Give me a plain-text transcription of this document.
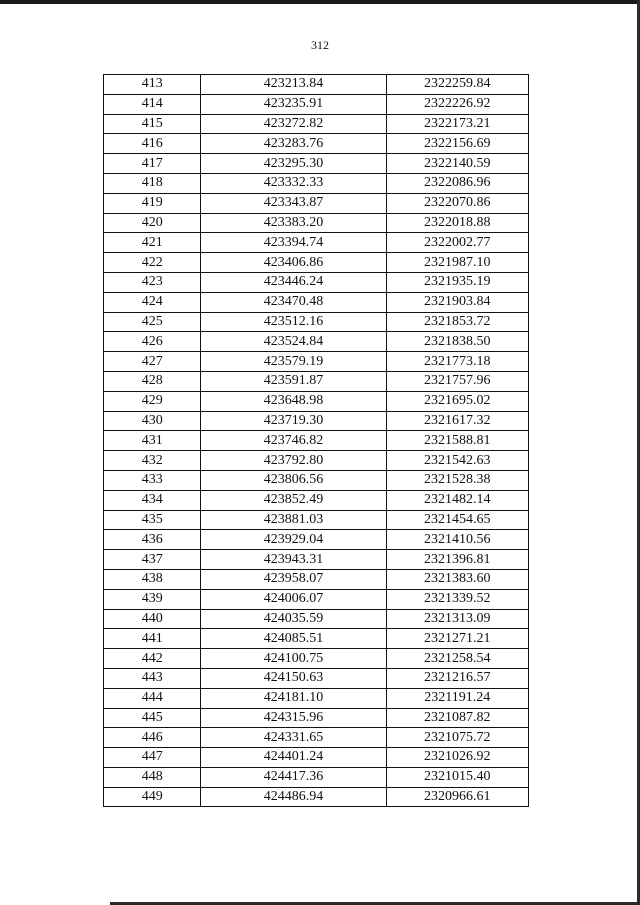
312
413	423213.84	2322259.84
414	423235.91	2322226.92
415	423272.82	2322173.21
416	423283.76	2322156.69
417	423295.30	2322140.59
418	423332.33	2322086.96
419	423343.87	2322070.86
420	423383.20	2322018.88
421	423394.74	2322002.77
422	423406.86	2321987.10
423	423446.24	2321935.19
424	423470.48	2321903.84
425	423512.16	2321853.72
426	423524.84	2321838.50
427	423579.19	2321773.18
428	423591.87	2321757.96
429	423648.98	2321695.02
430	423719.30	2321617.32
431	423746.82	2321588.81
432	423792.80	2321542.63
433	423806.56	2321528.38
434	423852.49	2321482.14
435	423881.03	2321454.65
436	423929.04	2321410.56
437	423943.31	2321396.81
438	423958.07	2321383.60
439	424006.07	2321339.52
440	424035.59	2321313.09
441	424085.51	2321271.21
442	424100.75	2321258.54
443	424150.63	2321216.57
444	424181.10	2321191.24
445	424315.96	2321087.82
446	424331.65	2321075.72
447	424401.24	2321026.92
448	424417.36	2321015.40
449	424486.94	2320966.61
